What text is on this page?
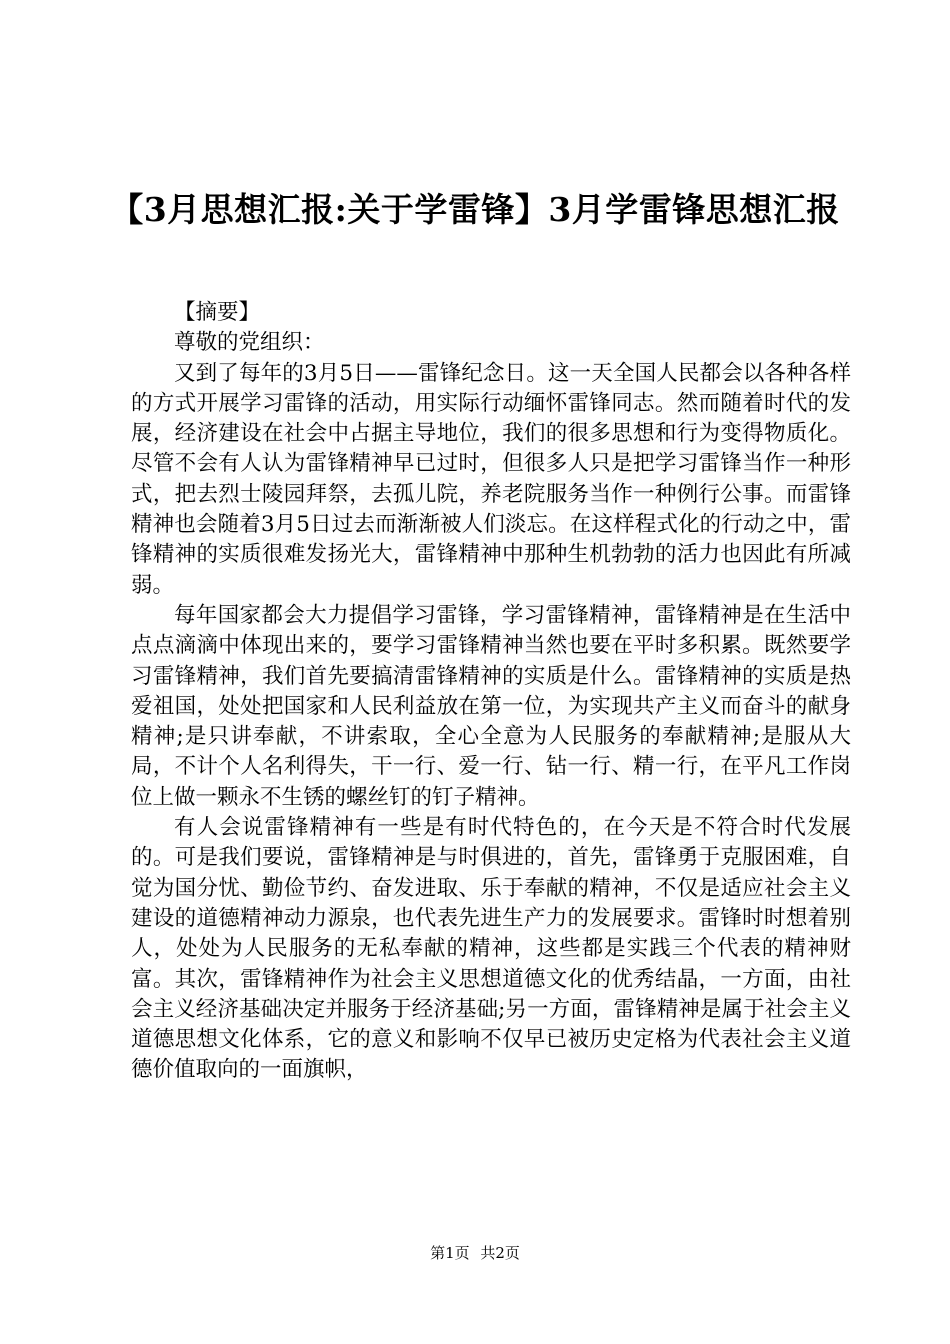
【3月思想汇报:关于学雷锋】3月学雷锋思想汇报

【摘要】

尊敬的党组织：

又到了每年的3月5日——雷锋纪念日。这一天全国人民都会以各种各样的方式开展学习雷锋的活动，用实际行动缅怀雷锋同志。然而随着时代的发展，经济建设在社会中占据主导地位，我们的很多思想和行为变得物质化。尽管不会有人认为雷锋精神早已过时，但很多人只是把学习雷锋当作一种形式，把去烈士陵园拜祭，去孤儿院，养老院服务当作一种例行公事。而雷锋精神也会随着3月5日过去而渐渐被人们淡忘。在这样程式化的行动之中，雷锋精神的实质很难发扬光大，雷锋精神中那种生机勃勃的活力也因此有所减弱。

每年国家都会大力提倡学习雷锋，学习雷锋精神，雷锋精神是在生活中点点滴滴中体现出来的，要学习雷锋精神当然也要在平时多积累。既然要学习雷锋精神，我们首先要搞清雷锋精神的实质是什么。雷锋精神的实质是热爱祖国，处处把国家和人民利益放在第一位，为实现共产主义而奋斗的献身精神;是只讲奉献，不讲索取，全心全意为人民服务的奉献精神;是服从大局，不计个人名利得失，干一行、爱一行、钻一行、精一行，在平凡工作岗位上做一颗永不生锈的螺丝钉的钉子精神。

有人会说雷锋精神有一些是有时代特色的，在今天是不符合时代发展的。可是我们要说，雷锋精神是与时俱进的，首先，雷锋勇于克服困难，自觉为国分忧、勤俭节约、奋发进取、乐于奉献的精神，不仅是适应社会主义建设的道德精神动力源泉，也代表先进生产力的发展要求。雷锋时时想着别人，处处为人民服务的无私奉献的精神，这些都是实践三个代表的精神财富。其次，雷锋精神作为社会主义思想道德文化的优秀结晶，一方面，由社会主义经济基础决定并服务于经济基础;另一方面，雷锋精神是属于社会主义道德思想文化体系，它的意义和影响不仅早已被历史定格为代表社会主义道德价值取向的一面旗帜，

第1页 共2页
